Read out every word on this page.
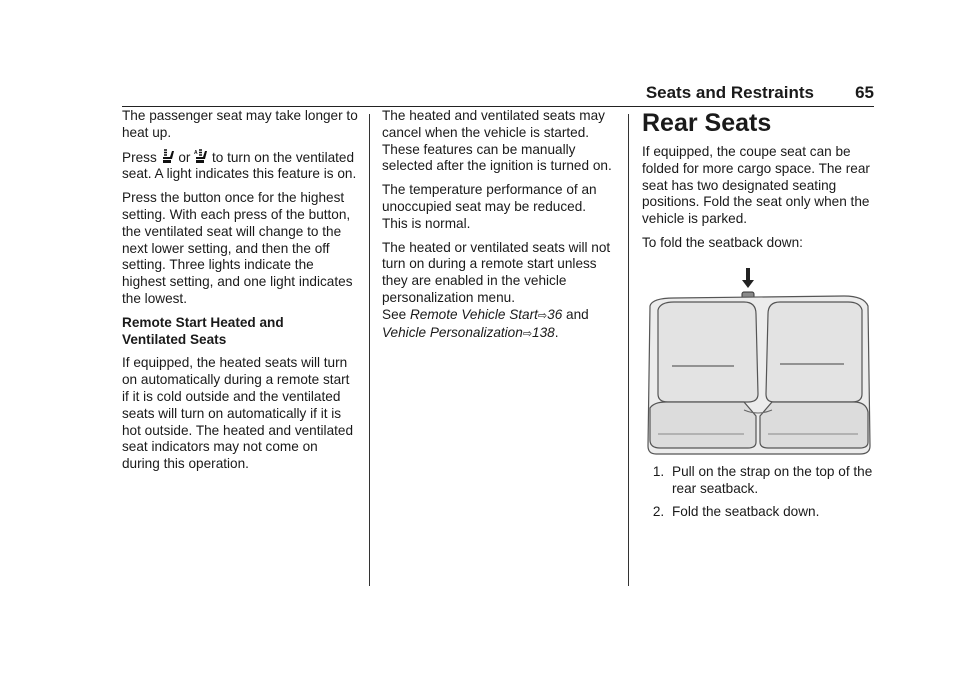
Seats and Restraints 65

The passenger seat may take longer to heat up.

Press or A to turn on the ventilated seat. A light indicates this feature is on.

Press the button once for the highest setting. With each press of the button, the ventilated seat will change to the next lower setting, and then the off setting. Three lights indicate the highest setting, and one light indicates the lowest.

Remote Start Heated and
Ventilated Seats

If equipped, the heated seats will turn on automatically during a remote start if it is cold outside and the ventilated seats will turn on automatically if it is hot outside. The heated and ventilated seat indicators may not come on during this operation.

The heated and ventilated seats may cancel when the vehicle is started. These features can be manually selected after the ignition is turned on.

The temperature performance of an unoccupied seat may be reduced. This is normal.

The heated or ventilated seats will not turn on during a remote start unless they are enabled in the vehicle personalization menu.
See Remote Vehicle Start⇨36 and Vehicle Personalization⇨138.

Rear Seats

If equipped, the coupe seat can be folded for more cargo space. The rear seat has two designated seating positions. Fold the seat only when the vehicle is parked.

To fold the seatback down:

1. Pull on the strap on the top of the rear seatback.
2. Fold the seatback down.
